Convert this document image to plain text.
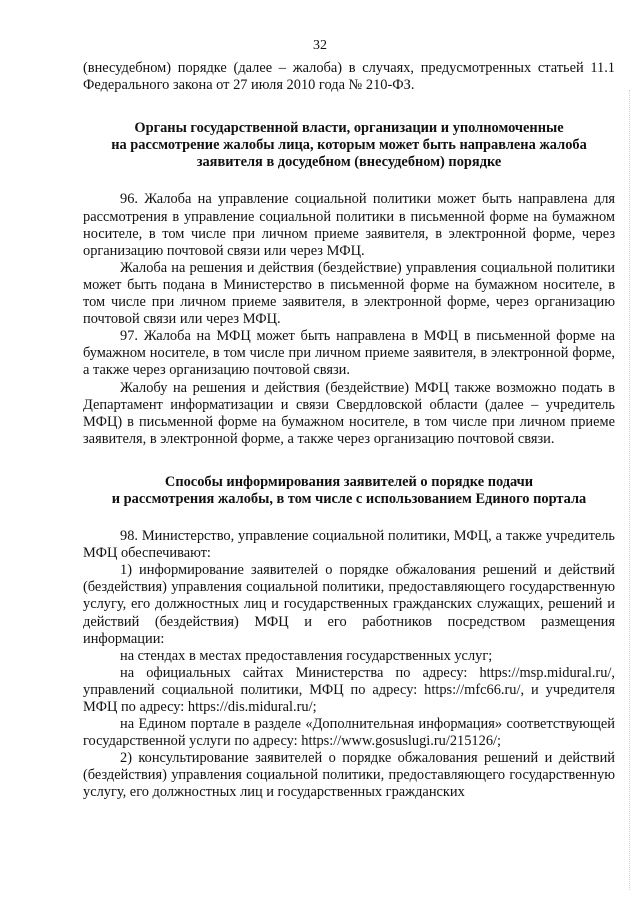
32

(внесудебном) порядке (далее – жалоба) в случаях, предусмотренных статьей 11.1 Федерального закона от 27 июля 2010 года № 210-ФЗ.

Органы государственной власти, организации и уполномоченные

на рассмотрение жалобы лица, которым может быть направлена жалоба

заявителя в досудебном (внесудебном) порядке

96. Жалоба на управление социальной политики может быть направлена для рассмотрения в управление социальной политики в письменной форме на бумажном носителе, в том числе при личном приеме заявителя, в электронной форме, через организацию почтовой связи или через МФЦ.

Жалоба на решения и действия (бездействие) управления социальной политики может быть подана в Министерство в письменной форме на бумажном носителе, в том числе при личном приеме заявителя, в электронной форме, через организацию почтовой связи или через МФЦ.

97. Жалоба на МФЦ может быть направлена в МФЦ в письменной форме на бумажном носителе, в том числе при личном приеме заявителя, в электронной форме, а также через организацию почтовой связи.

Жалобу на решения и действия (бездействие) МФЦ также возможно подать в Департамент информатизации и связи Свердловской области (далее – учредитель МФЦ) в письменной форме на бумажном носителе, в том числе при личном приеме заявителя, в электронной форме, а также через организацию почтовой связи.

Способы информирования заявителей о порядке подачи

и рассмотрения жалобы, в том числе с использованием Единого портала

98. Министерство, управление социальной политики, МФЦ, а также учредитель МФЦ обеспечивают:

1) информирование заявителей о порядке обжалования решений и действий (бездействия) управления социальной политики, предоставляющего государственную услугу, его должностных лиц и государственных гражданских служащих, решений и действий (бездействия) МФЦ и его работников посредством размещения информации:

на стендах в местах предоставления государственных услуг;

на официальных сайтах Министерства по адресу: https://msp.midural.ru/, управлений социальной политики, МФЦ по адресу: https://mfc66.ru/, и учредителя МФЦ по адресу: https://dis.midural.ru/;

на Едином портале в разделе «Дополнительная информация» соответствующей государственной услуги по адресу: https://www.gosuslugi.ru/215126/;

2) консультирование заявителей о порядке обжалования решений и действий (бездействия) управления социальной политики, предоставляющего государственную услугу, его должностных лиц и государственных гражданских
